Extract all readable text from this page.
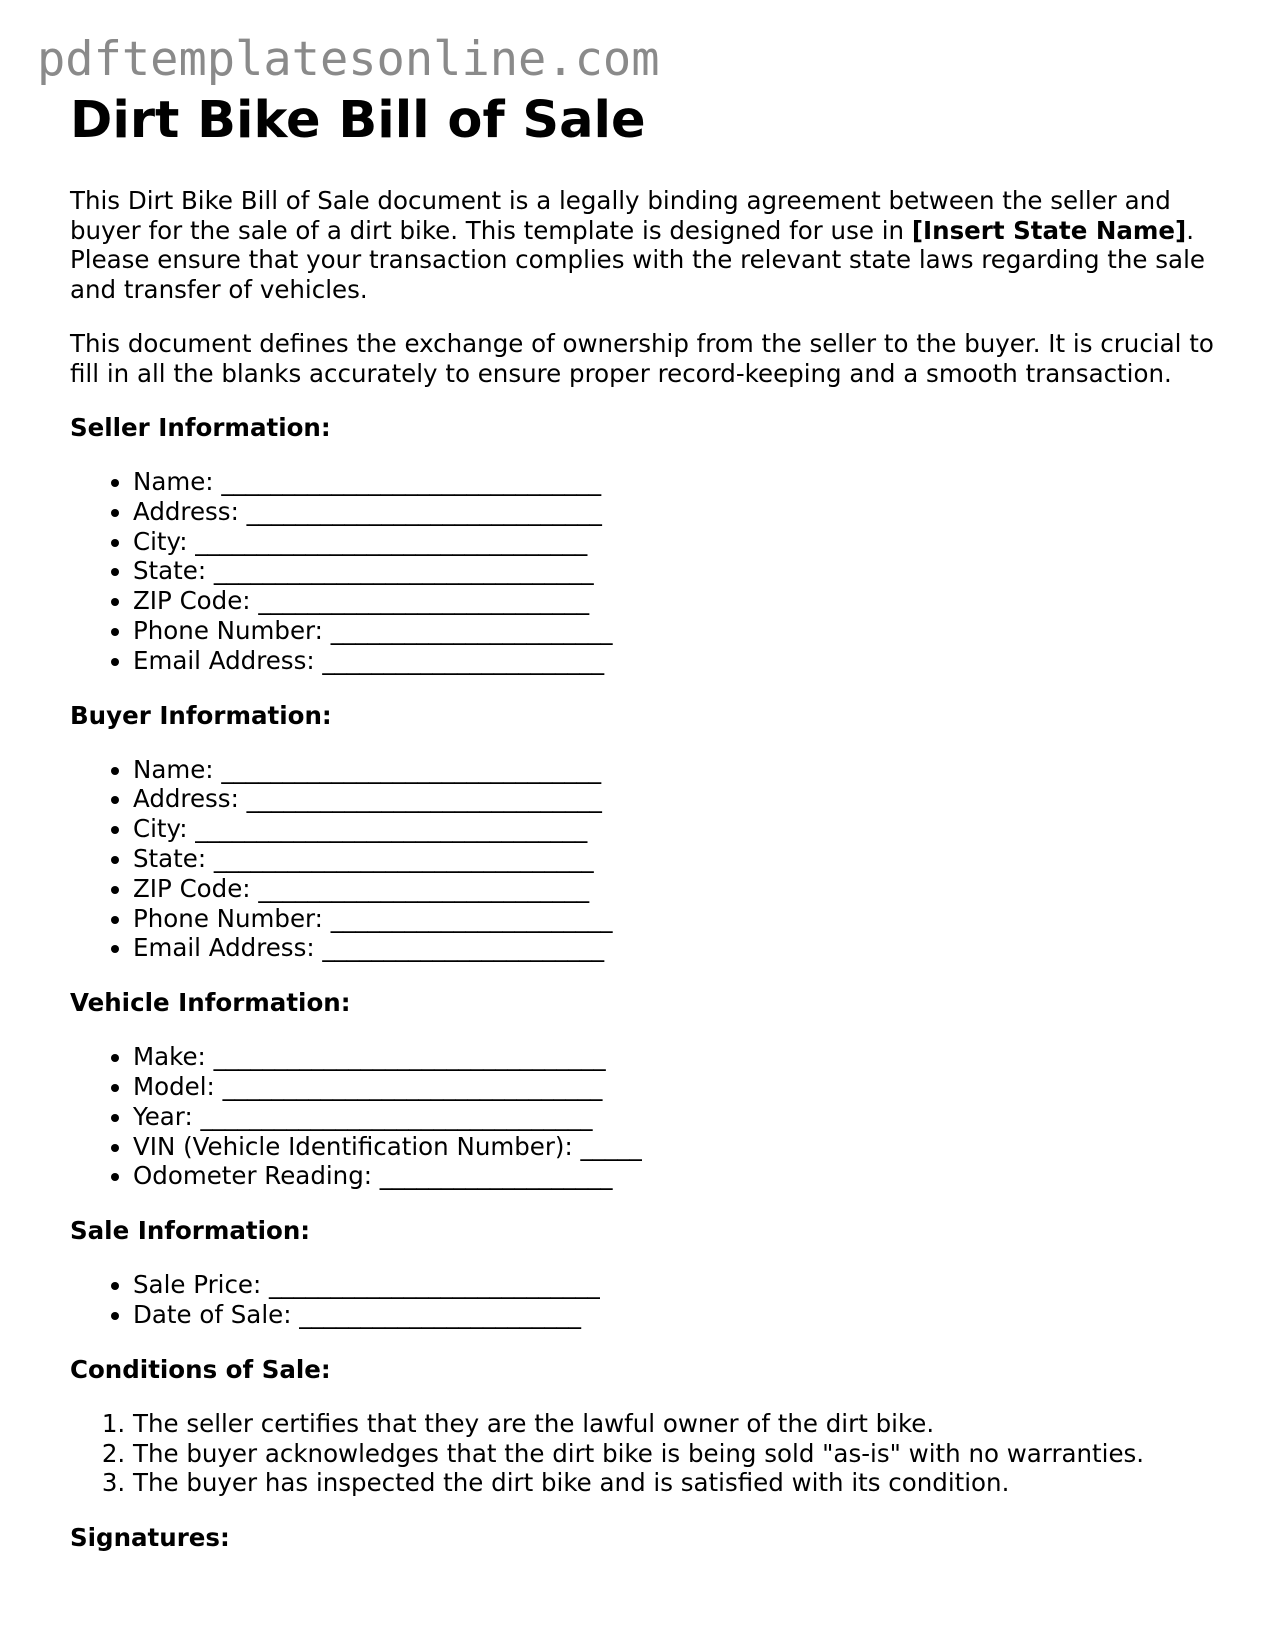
pdftemplatesonline.com
Dirt Bike Bill of Sale

This Dirt Bike Bill of Sale document is a legally binding agreement between the seller and buyer for the sale of a dirt bike. This template is designed for use in [Insert State Name]. Please ensure that your transaction complies with the relevant state laws regarding the sale and transfer of vehicles.

This document defines the exchange of ownership from the seller to the buyer. It is crucial to fill in all the blanks accurately to ensure proper record-keeping and a smooth transaction.

Seller Information:
• Name: _______________________________
• Address: _____________________________
• City: ________________________________
• State: _______________________________
• ZIP Code: ___________________________
• Phone Number: _______________________
• Email Address: _______________________
Buyer Information:
• Name: _______________________________
• Address: _____________________________
• City: ________________________________
• State: _______________________________
• ZIP Code: ___________________________
• Phone Number: _______________________
• Email Address: _______________________
Vehicle Information:
• Make: ________________________________
• Model: _______________________________
• Year: ________________________________
• VIN (Vehicle Identification Number): _____
• Odometer Reading: ___________________
Sale Information:
• Sale Price: ___________________________
• Date of Sale: _______________________
Conditions of Sale:
1. The seller certifies that they are the lawful owner of the dirt bike.
2. The buyer acknowledges that the dirt bike is being sold "as-is" with no warranties.
3. The buyer has inspected the dirt bike and is satisfied with its condition.
Signatures:
